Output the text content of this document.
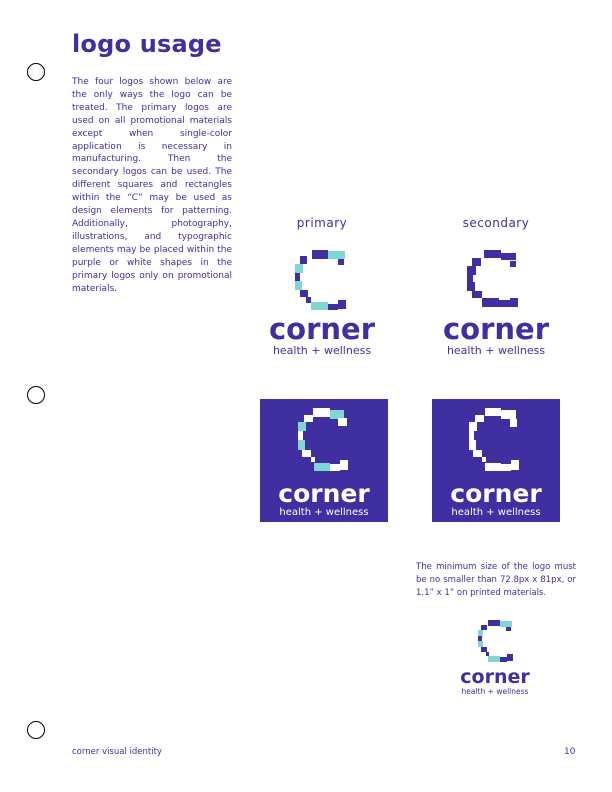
logo usage
The four logos shown below are the only ways the logo can be treated. The primary logos are used on all promotional materials except when single-color application is necessary in manufacturing. Then the secondary logos can be used. The different squares and rectangles within the “C” may be used as design elements for patterning. Additionally, photography, illustrations, and typographic elements may be placed within the purple or white shapes in the primary logos only on promotional materials.
primary	secondary
corner
health + wellness
corner
health + wellness
corner
health + wellness
corner
health + wellness
The minimum size of the logo must be no smaller than 72.8px x 81px, or 1.1” x 1” on printed materials.
corner
health + wellness
corner visual identity	10
